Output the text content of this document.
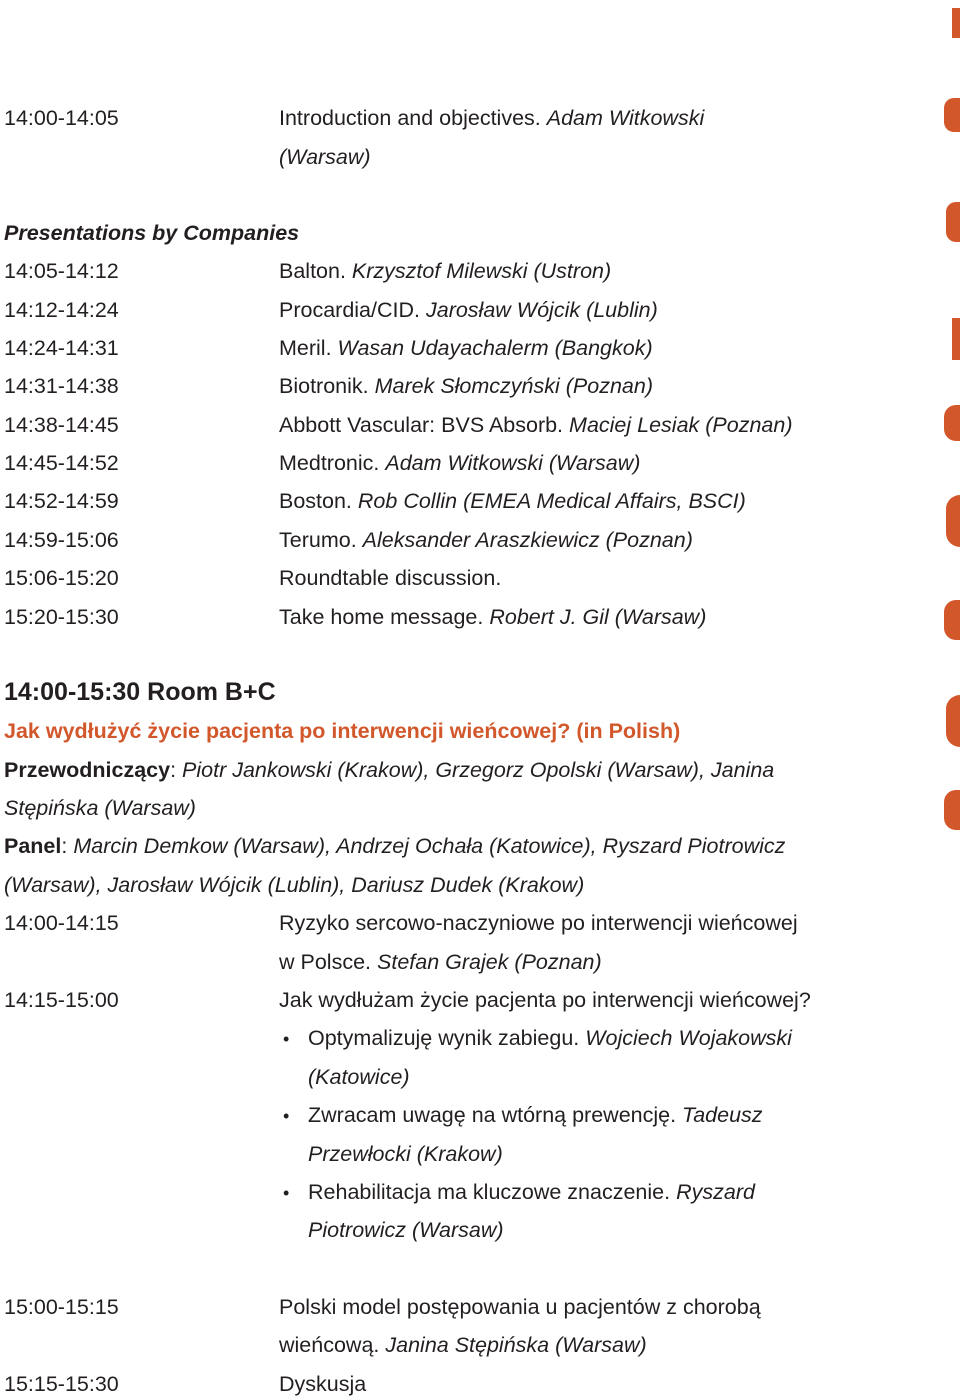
14:00-14:05	Introduction and objectives. Adam Witkowski
(Warsaw)
Presentations by Companies
14:05-14:12	Balton. Krzysztof Milewski (Ustron)
14:12-14:24	Procardia/CID. Jarosław Wójcik (Lublin)
14:24-14:31	Meril. Wasan Udayachalerm (Bangkok)
14:31-14:38	Biotronik. Marek Słomczyński (Poznan)
14:38-14:45	Abbott Vascular: BVS Absorb. Maciej Lesiak (Poznan)
14:45-14:52	Medtronic. Adam Witkowski (Warsaw)
14:52-14:59	Boston. Rob Collin (EMEA Medical Affairs, BSCI)
14:59-15:06	Terumo. Aleksander Araszkiewicz (Poznan)
15:06-15:20	Roundtable discussion.
15:20-15:30	Take home message. Robert J. Gil (Warsaw)
14:00-15:30 Room B+C
Jak wydłużyć życie pacjenta po interwencji wieńcowej? (in Polish)
Przewodniczący: Piotr Jankowski (Krakow), Grzegorz Opolski (Warsaw), Janina
Stępińska (Warsaw)
Panel: Marcin Demkow (Warsaw), Andrzej Ochała (Katowice), Ryszard Piotrowicz
(Warsaw), Jarosław Wójcik (Lublin), Dariusz Dudek (Krakow)
14:00-14:15	Ryzyko sercowo-naczyniowe po interwencji wieńcowej
w Polsce. Stefan Grajek (Poznan)
14:15-15:00	Jak wydłużam życie pacjenta po interwencji wieńcowej?
• Optymalizuję wynik zabiegu. Wojciech Wojakowski
(Katowice)
• Zwracam uwagę na wtórną prewencję. Tadeusz
Przewłocki (Krakow)
• Rehabilitacja ma kluczowe znaczenie. Ryszard
Piotrowicz (Warsaw)
15:00-15:15	Polski model postępowania u pacjentów z chorobą
wieńcową. Janina Stępińska (Warsaw)
15:15-15:30	Dyskusja
